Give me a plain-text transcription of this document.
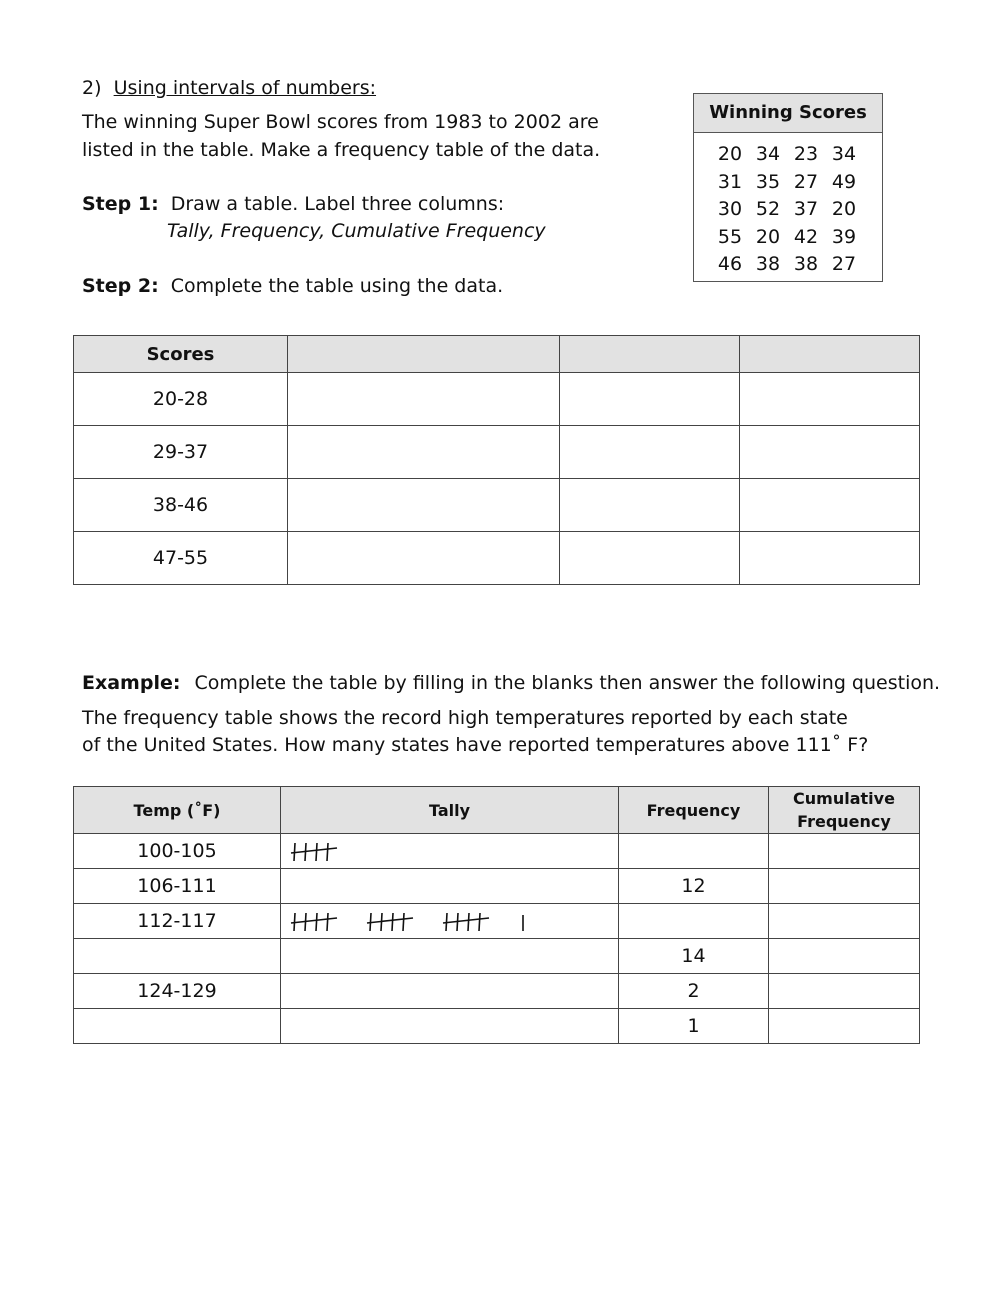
2) Using intervals of numbers:
The winning Super Bowl scores from 1983 to 2002 are
listed in the table. Make a frequency table of the data.
Step 1: Draw a table. Label three columns:
Tally, Frequency, Cumulative Frequency
Step 2: Complete the table using the data.
Winning Scores
20 34 23 34
31 35 27 49
30 52 37 20
55 20 42 39
46 38 38 27
Scores			
20-28			
29-37			
38-46			
47-55			
Example: Complete the table by filling in the blanks then answer the following question.
The frequency table shows the record high temperatures reported by each state
of the United States. How many states have reported temperatures above 111˚ F?
Temp (˚F)	Tally	Frequency	Cumulative
Frequency
100-105			
106-111		12	
112-117			
		14	
124-129		2	
		1	
